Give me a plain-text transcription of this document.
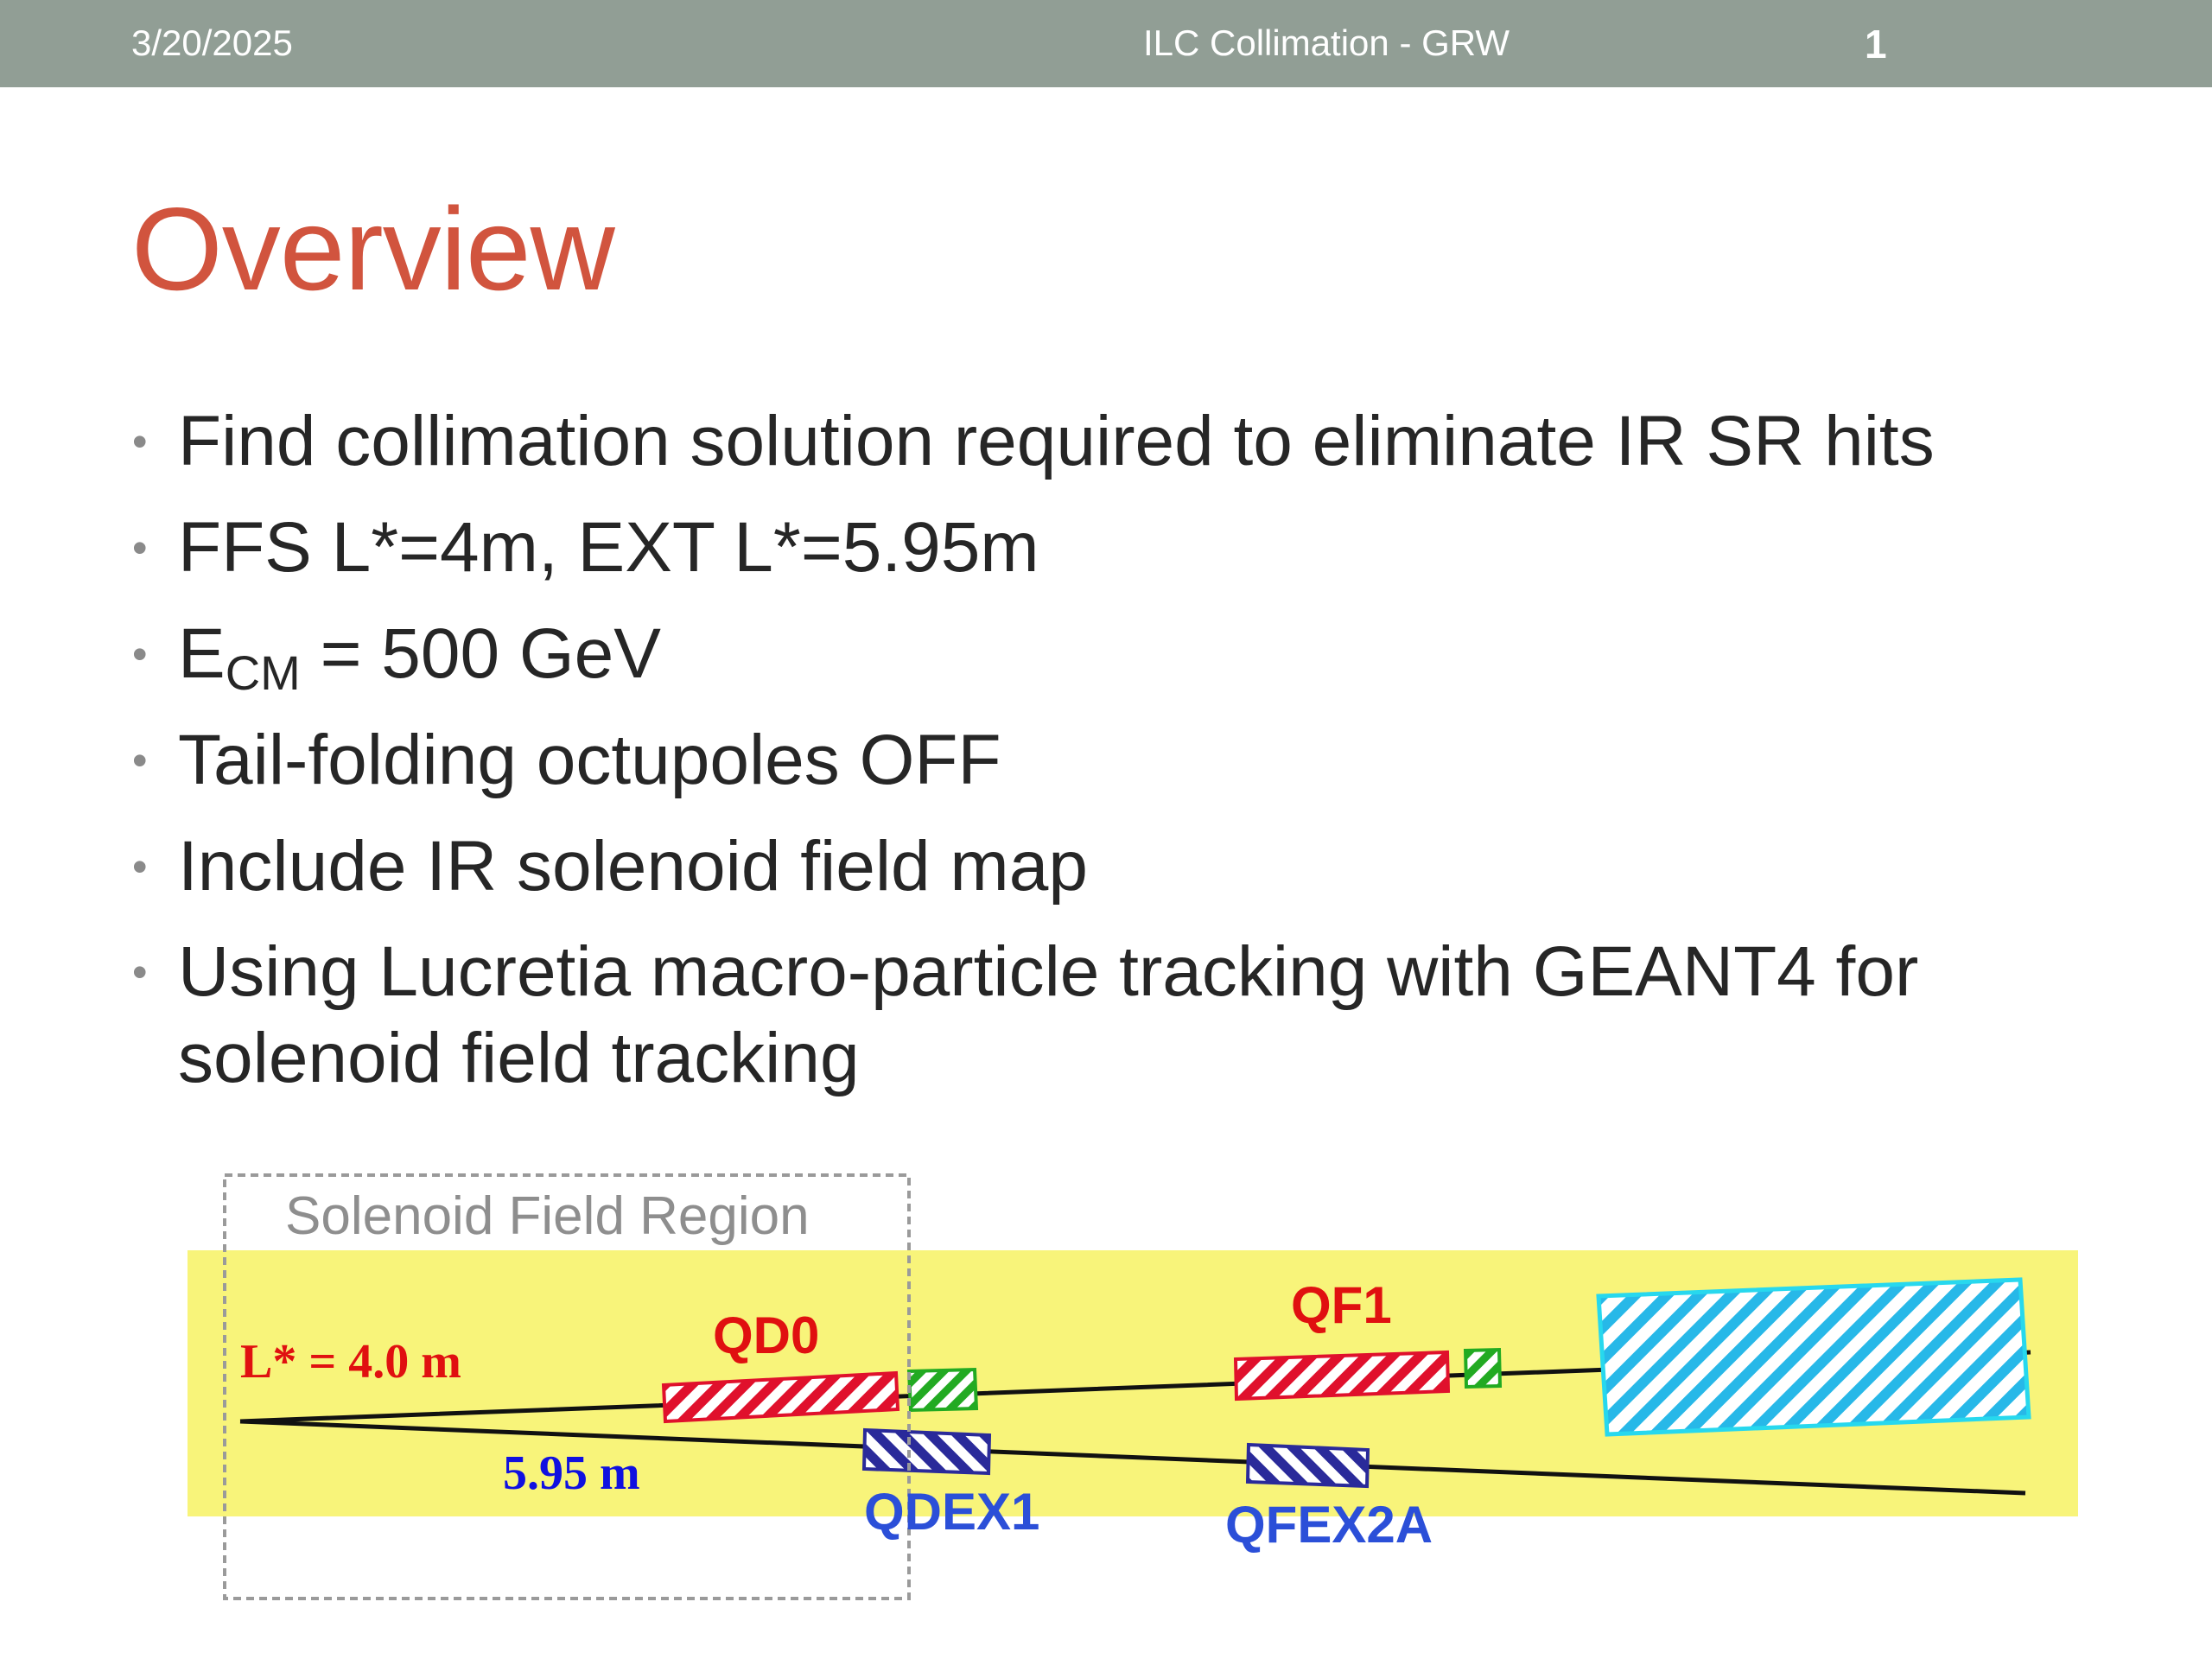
3/20/2025	ILC Collimation - GRW	1
Overview
• Find collimation solution required to eliminate IR SR hits
• FFS L*=4m, EXT L*=5.95m
• $E_{CM} = 500$ GeV
• Tail-folding octupoles OFF
• Include IR solenoid field map
• Using Lucretia macro-particle tracking with GEANT4 for solenoid field tracking
Solenoid Field Region
L* = 4.0 m
5.95 m
QD0
QF1
QDEX1	QFEX2A
